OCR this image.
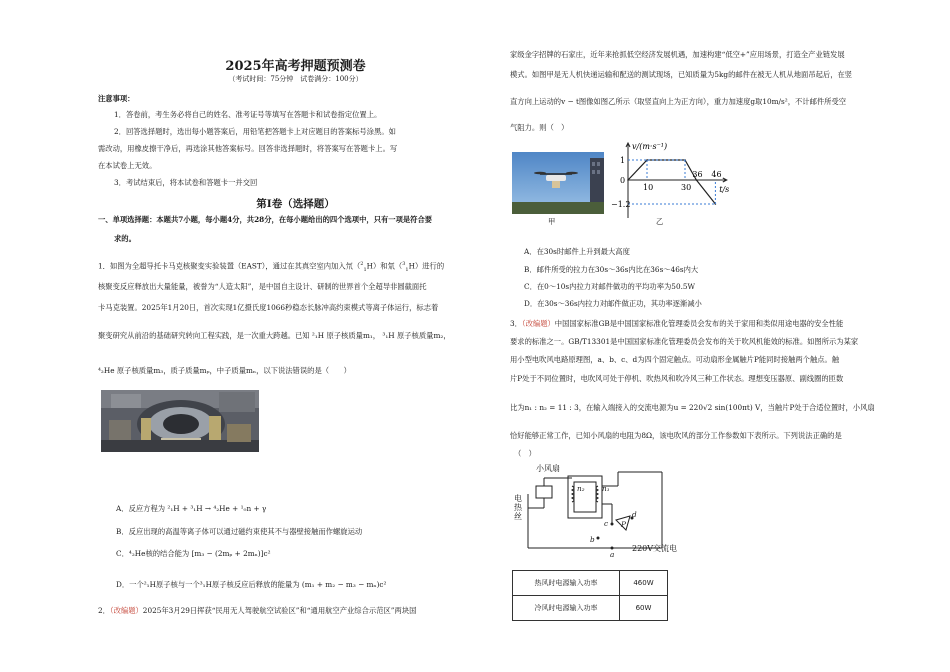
2025年高考押题预测卷
（考试时间：75分钟　试卷满分：100分）
注意事项：
1．答卷前，考生务必将自己的姓名、准考证号等填写在答题卡和试卷指定位置上。
2．回答选择题时，选出每小题答案后，用铅笔把答题卡上对应题目的答案标号涂黑。如
需改动，用橡皮擦干净后，再选涂其他答案标号。回答非选择题时，将答案写在答题卡上。写
在本试卷上无效。
3．考试结束后，将本试卷和答题卡一并交回
第Ⅰ卷（选择题）
一、单项选择题：本题共7小题，每小题4分，共28分，在每小题给出的四个选项中，只有一项是符合要
求的。
1．如图为全超导托卡马克核聚变实验装置（EAST），通过在其真空室内加入氘（$^2_1$H）和氚（$^3_1$H）进行的
核聚变反应释放出大量能量，被誉为“人造太阳”，是中国自主设计、研制的世界首个全超导非圆截面托
卡马克装置。2025年1月20日，首次实现1亿摄氏度1066秒稳态长脉冲高约束模式等离子体运行，标志着
聚变研究从前沿的基础研究转向工程实践，是一次重大跨越。已知 ²₁H 原子核质量m₁， ³₁H 原子核质量m₂，
⁴₂He 原子核质量m₃，质子质量mₚ，中子质量mₙ，以下说法错误的是（　　）
A．反应方程为 ²₁H + ³₁H → ⁴₂He + ¹₀n + γ
B．反应出现的高温等离子体可以通过磁约束使其不与器壁接触而作螺旋运动
C．⁴₂He核的结合能为 [m₃ − (2mₚ + 2mₙ)]c²
D．一个²₁H原子核与一个³₁H原子核反应后释放的能量为 (m₁ + m₂ − m₃ − mₙ)c²
2．（改编题）2025年3月29日挥获“民用无人驾驶航空试验区”和“通用航空产业综合示范区”两块国
家级金字招牌的石家庄，近年来抢抓低空经济发展机遇，加速构建“低空+”应用场景，打造全产业链发展
模式。如图甲是无人机快递运输和配送的测试现场，已知质量为5kg的邮件在被无人机从地面吊起后，在竖
直方向上运动的v − t图像如图乙所示（取竖直向上为正方向），重力加速度g取10m/s²，不计邮件所受空
气阻力。则（　）
甲
v/(m·s⁻¹)
t/s
10	30
36 46
1
0
−1.2
乙
A．在30s时邮件上升到最大高度
B．邮件所受的拉力在30s～36s内比在36s～46s内大
C．在0～10s内拉力对邮件做功的平均功率为50.5W
D．在30s～36s内拉力对邮件做正功，其功率逐渐减小
3．（改编题）中国国家标准GB是中国国家标准化管理委员会发布的关于家用和类似用途电器的安全性能
要求的标准之一。GB/T13301是中国国家标准化管理委员会发布的关于吹风机能效的标准。如图所示为某家
用小型电吹风电路原理图，a、b、c、d为四个固定触点。可动扇形金属触片P能同时接触两个触点。触
片P处于不同位置时，电吹风可处于停机、吹热风和吹冷风三种工作状态。理想变压器原、副线圈的匝数
比为n₁ : n₂ = 11 : 3，在输入端接入的交流电源为u = 220√2 sin(100πt) V，当触片P处于合适位置时，小风扇
恰好能够正常工作，已知小风扇的电阻为8Ω，该电吹风的部分工作参数如下表所示。下列说法正确的是
（　）
小风扇
电热丝
n₂ n₁
c
d
b
a
P
220V交流电
热风时电源输入功率	460W
冷风时电源输入功率	60W
